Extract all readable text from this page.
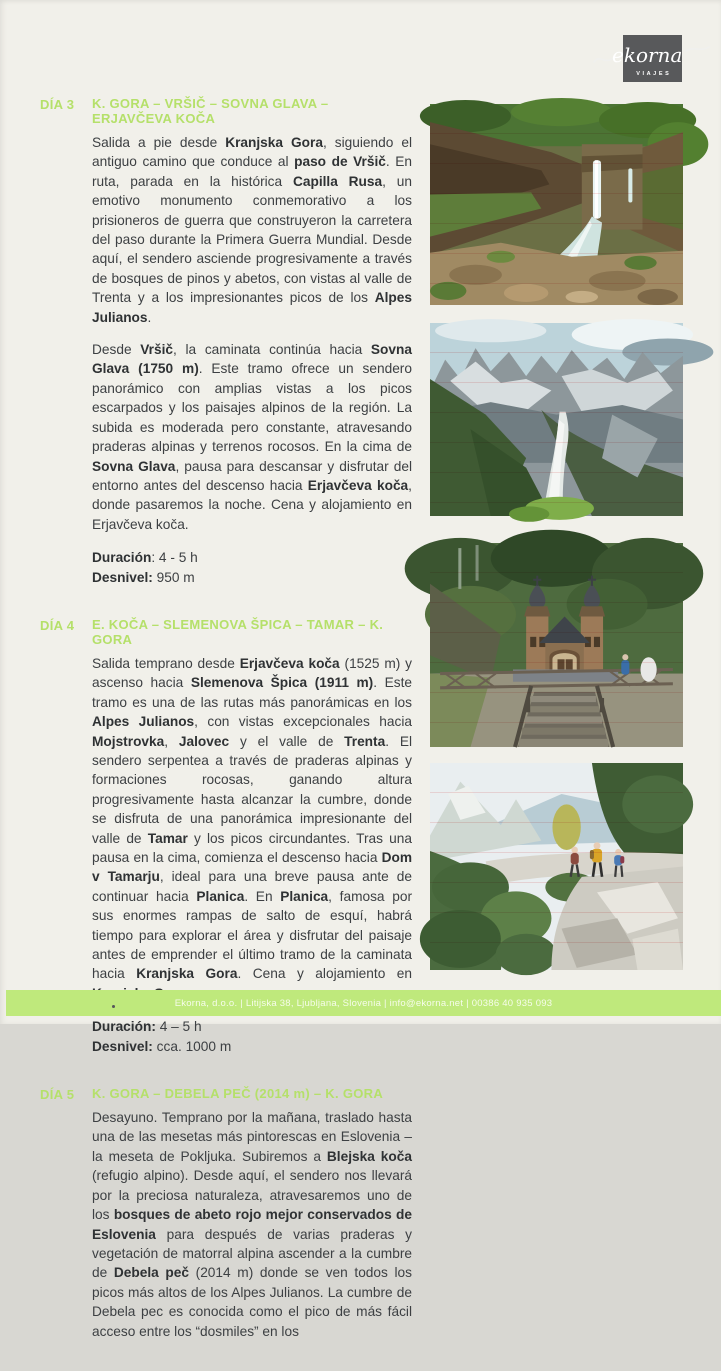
ekorna
VIAJES
DÍA 3	K. GORA – VRŠIČ – SOVNA GLAVA – ERJAVČEVA KOČA

Salida a pie desde Kranjska Gora, siguiendo el antiguo camino que conduce al paso de Vršič. En ruta, parada en la histórica Capilla Rusa, un emotivo monumento conmemorativo a los prisioneros de guerra que construyeron la carretera del paso durante la Primera Guerra Mundial. Desde aquí, el sendero asciende progresivamente a través de bosques de pinos y abetos, con vistas al valle de Trenta y a los impresionantes picos de los Alpes Julianos.

Desde Vršič, la caminata continúa hacia Sovna Glava (1750 m). Este tramo ofrece un sendero panorámico con amplias vistas a los picos escarpados y los paisajes alpinos de la región. La subida es moderada pero constante, atravesando praderas alpinas y terrenos rocosos. En la cima de Sovna Glava, pausa para descansar y disfrutar del entorno antes del descenso hacia Erjavčeva koča, donde pasaremos la noche. Cena y alojamiento en Erjavčeva koča.

Duración: 4 - 5 h
Desnivel: 950 m
DÍA 4	E. KOČA – SLEMENOVA ŠPICA – TAMAR – K. GORA

Salida temprano desde Erjavčeva koča (1525 m) y ascenso hacia Slemenova Špica (1911 m). Este tramo es una de las rutas más panorámicas en los Alpes Julianos, con vistas excepcionales hacia Mojstrovka, Jalovec y el valle de Trenta. El sendero serpentea a través de praderas alpinas y formaciones rocosas, ganando altura progresivamente hasta alcanzar la cumbre, donde se disfruta de una panorámica impresionante del valle de Tamar y los picos circundantes. Tras una pausa en la cima, comienza el descenso hacia Dom v Tamarju, ideal para una breve pausa ante de continuar hacia Planica. En Planica, famosa por sus enormes rampas de salto de esquí, habrá tiempo para explorar el área y disfrutar del paisaje antes de emprender el último tramo de la caminata hacia Kranjska Gora. Cena y alojamiento en

Duración: 4 – 5 h
Desnivel: cca. 1000 m
DÍA 5	K. GORA – DEBELA PEČ (2014 m) – K. GORA

Desayuno. Temprano por la mañana, traslado hasta una de las mesetas más pintorescas en Eslovenia – la meseta de Pokljuka. Subiremos a Blejska koča (refugio alpino). Desde aquí, el sendero nos llevará por la preciosa naturaleza, atravesaremos uno de los bosques de abeto rojo mejor conservados de Eslovenia para después de varias praderas y vegetación de matorral alpina ascender a la cumbre de Debela peč (2014 m) donde se ven todos los picos más altos de los Alpes Julianos. La cumbre de Debela pec es conocida como el pico de más fácil acceso entre los “dosmiles” en los

Ekorna, d.o.o. | Litijska 38, Ljubljana, Slovenia | info@ekorna.net | 00386 40 935 093
